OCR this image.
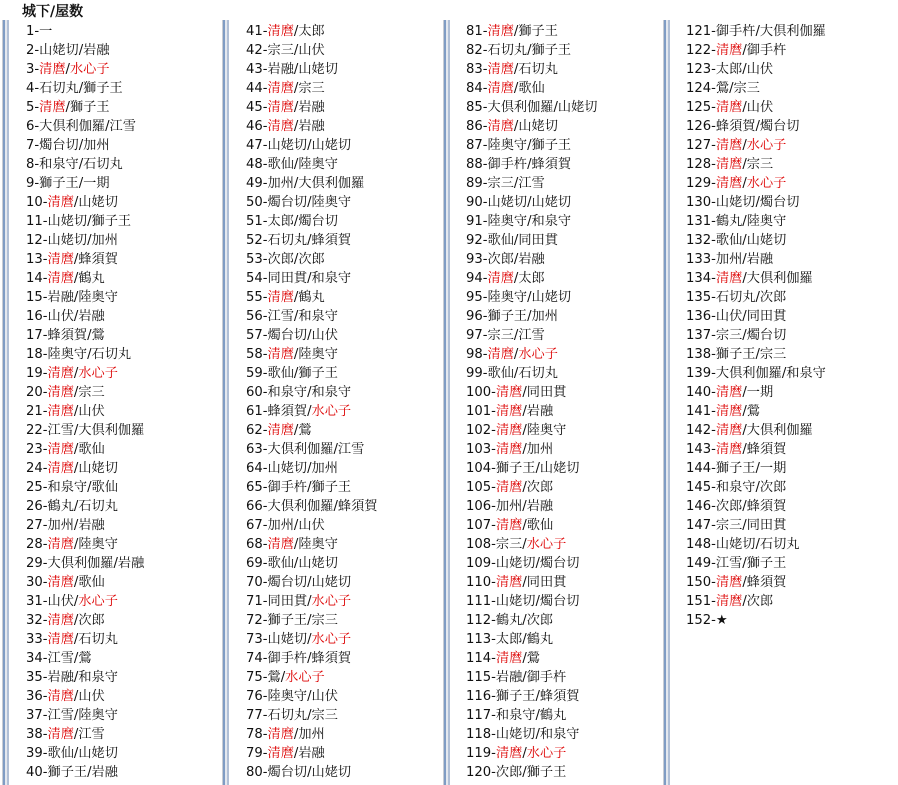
城下/屋数
1-一
2-山姥切/岩融
3-清麿/水心子
4-石切丸/獅子王
5-清麿/獅子王
6-大倶利伽羅/江雪
7-燭台切/加州
8-和泉守/石切丸
9-獅子王/一期
10-清麿/山姥切
11-山姥切/獅子王
12-山姥切/加州
13-清麿/蜂須賀
14-清麿/鶴丸
15-岩融/陸奥守
16-山伏/岩融
17-蜂須賀/鶯
18-陸奥守/石切丸
19-清麿/水心子
20-清麿/宗三
21-清麿/山伏
22-江雪/大倶利伽羅
23-清麿/歌仙
24-清麿/山姥切
25-和泉守/歌仙
26-鶴丸/石切丸
27-加州/岩融
28-清麿/陸奥守
29-大倶利伽羅/岩融
30-清麿/歌仙
31-山伏/水心子
32-清麿/次郎
33-清麿/石切丸
34-江雪/鶯
35-岩融/和泉守
36-清麿/山伏
37-江雪/陸奥守
38-清麿/江雪
39-歌仙/山姥切
40-獅子王/岩融
41-清麿/太郎
42-宗三/山伏
43-岩融/山姥切
44-清麿/宗三
45-清麿/岩融
46-清麿/岩融
47-山姥切/山姥切
48-歌仙/陸奥守
49-加州/大倶利伽羅
50-燭台切/陸奥守
51-太郎/燭台切
52-石切丸/蜂須賀
53-次郎/次郎
54-同田貫/和泉守
55-清麿/鶴丸
56-江雪/和泉守
57-燭台切/山伏
58-清麿/陸奥守
59-歌仙/獅子王
60-和泉守/和泉守
61-蜂須賀/水心子
62-清麿/鶯
63-大倶利伽羅/江雪
64-山姥切/加州
65-御手杵/獅子王
66-大倶利伽羅/蜂須賀
67-加州/山伏
68-清麿/陸奥守
69-歌仙/山姥切
70-燭台切/山姥切
71-同田貫/水心子
72-獅子王/宗三
73-山姥切/水心子
74-御手杵/蜂須賀
75-鶯/水心子
76-陸奥守/山伏
77-石切丸/宗三
78-清麿/加州
79-清麿/岩融
80-燭台切/山姥切
81-清麿/獅子王
82-石切丸/獅子王
83-清麿/石切丸
84-清麿/歌仙
85-大倶利伽羅/山姥切
86-清麿/山姥切
87-陸奥守/獅子王
88-御手杵/蜂須賀
89-宗三/江雪
90-山姥切/山姥切
91-陸奥守/和泉守
92-歌仙/同田貫
93-次郎/岩融
94-清麿/太郎
95-陸奥守/山姥切
96-獅子王/加州
97-宗三/江雪
98-清麿/水心子
99-歌仙/石切丸
100-清麿/同田貫
101-清麿/岩融
102-清麿/陸奥守
103-清麿/加州
104-獅子王/山姥切
105-清麿/次郎
106-加州/岩融
107-清麿/歌仙
108-宗三/水心子
109-山姥切/燭台切
110-清麿/同田貫
111-山姥切/燭台切
112-鶴丸/次郎
113-太郎/鶴丸
114-清麿/鶯
115-岩融/御手杵
116-獅子王/蜂須賀
117-和泉守/鶴丸
118-山姥切/和泉守
119-清麿/水心子
120-次郎/獅子王
121-御手杵/大倶利伽羅
122-清麿/御手杵
123-太郎/山伏
124-鶯/宗三
125-清麿/山伏
126-蜂須賀/燭台切
127-清麿/水心子
128-清麿/宗三
129-清麿/水心子
130-山姥切/燭台切
131-鶴丸/陸奥守
132-歌仙/山姥切
133-加州/岩融
134-清麿/大倶利伽羅
135-石切丸/次郎
136-山伏/同田貫
137-宗三/燭台切
138-獅子王/宗三
139-大倶利伽羅/和泉守
140-清麿/一期
141-清麿/鶯
142-清麿/大倶利伽羅
143-清麿/蜂須賀
144-獅子王/一期
145-和泉守/次郎
146-次郎/蜂須賀
147-宗三/同田貫
148-山姥切/石切丸
149-江雪/獅子王
150-清麿/蜂須賀
151-清麿/次郎
152-★
